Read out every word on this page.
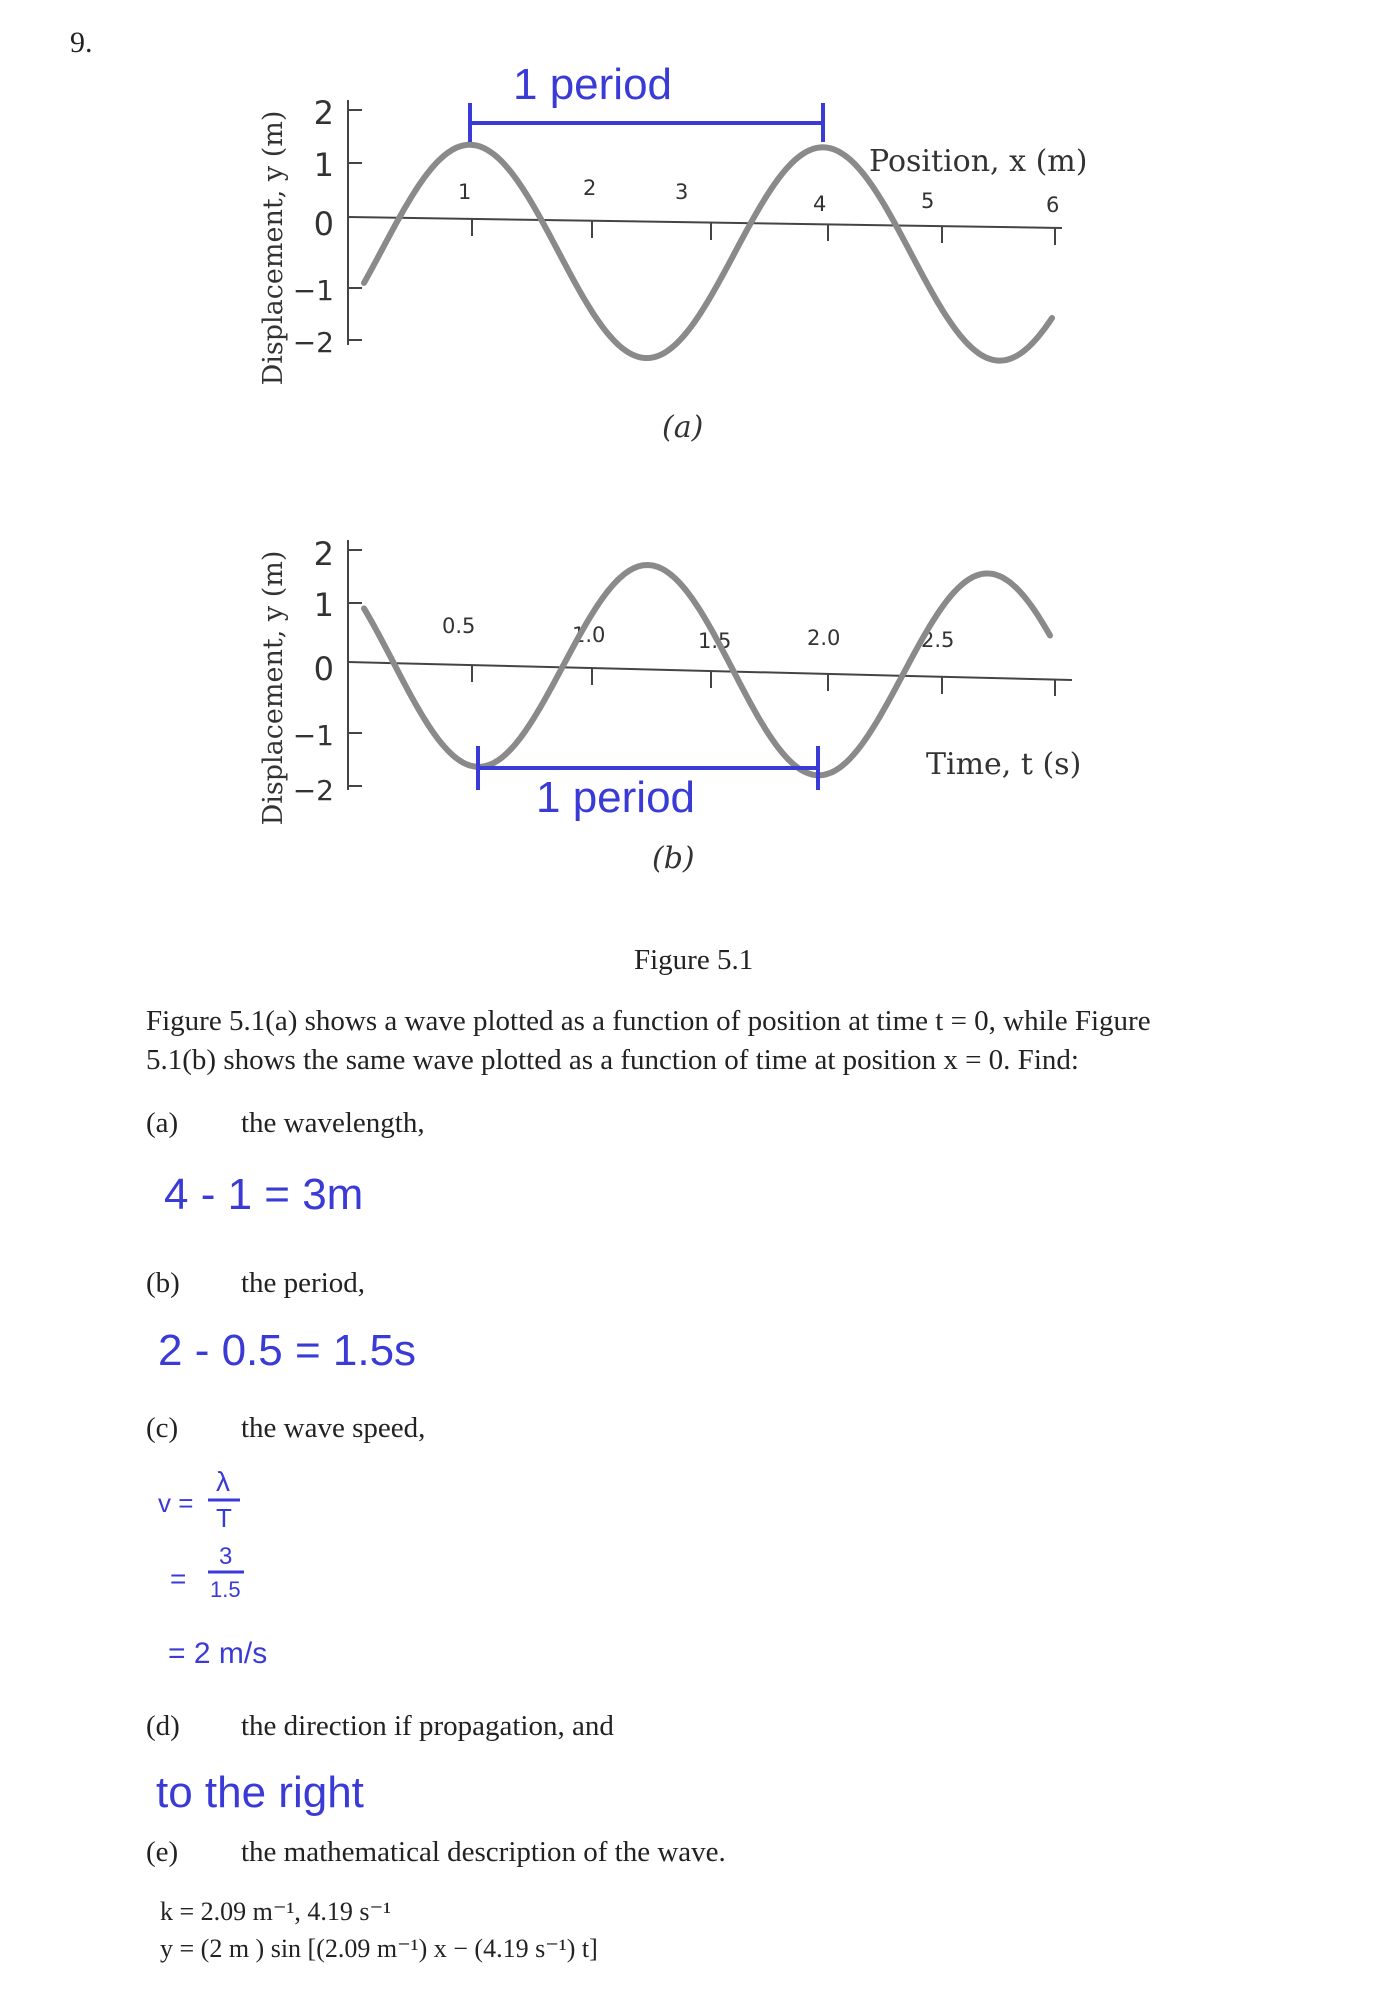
9.
Displacement, y (m) 2
1
0
−1
−2
1	2	3	4	5	6
Position, x (m)
1 period
(a)
Displacement, y (m) 2
1
0
−1
−2
0.5	1.0	1.5	2.0	2.5
Time, t (s)
1 period
(b)
Figure 5.1
Figure 5.1(a) shows a wave plotted as a function of position at time t = 0, while Figure
5.1(b) shows the same wave plotted as a function of time at position x = 0. Find:
(a) the wavelength,
4 - 1 = 3m
(b) the period,
2 - 0.5 = 1.5s
(c) the wave speed,
v =
λ
T
=
3
1.5
= 2 m/s
(d) the direction if propagation, and
to the right
(e) the mathematical description of the wave.
k = 2.09 m⁻¹, 4.19 s⁻¹
y = (2 m ) sin [(2.09 m⁻¹) x − (4.19 s⁻¹) t]
